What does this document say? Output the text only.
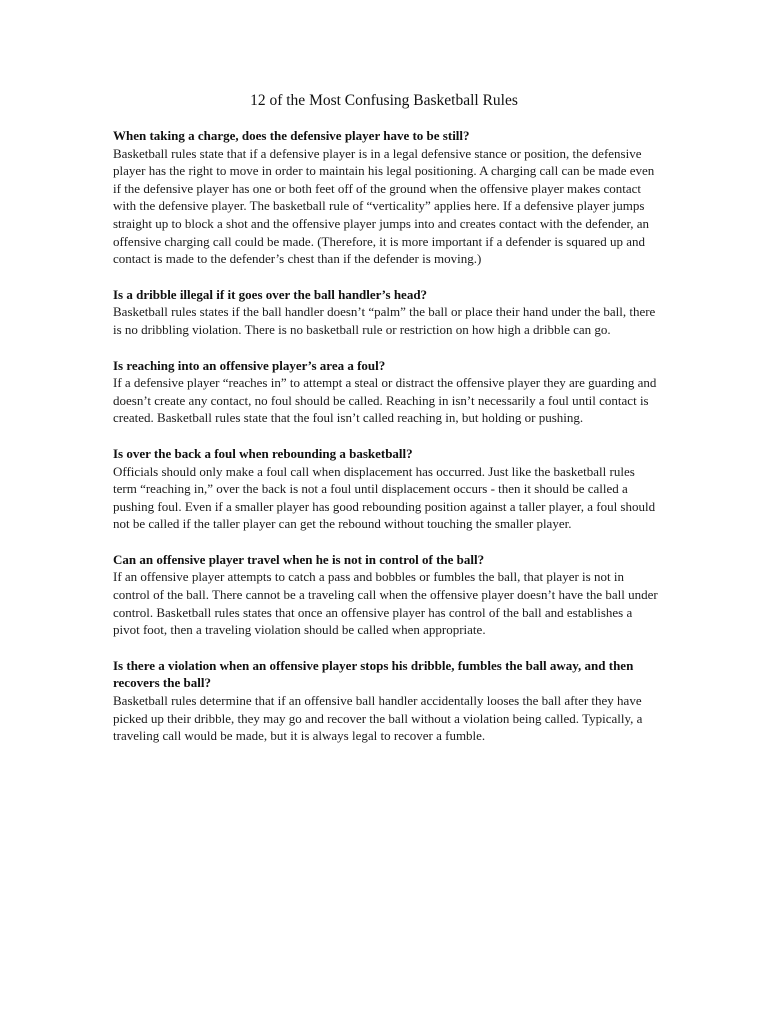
12 of the Most Confusing Basketball Rules

When taking a charge, does the defensive player have to be still?

Basketball rules state that if a defensive player is in a legal defensive stance or position, the defensive player has the right to move in order to maintain his legal positioning. A charging call can be made even if the defensive player has one or both feet off of the ground when the offensive player makes contact with the defensive player. The basketball rule of “verticality” applies here. If a defensive player jumps straight up to block a shot and the offensive player jumps into and creates contact with the defender, an offensive charging call could be made. (Therefore, it is more important if a defender is squared up and contact is made to the defender’s chest than if the defender is moving.)

Is a dribble illegal if it goes over the ball handler’s head?

Basketball rules states if the ball handler doesn’t “palm” the ball or place their hand under the ball, there is no dribbling violation. There is no basketball rule or restriction on how high a dribble can go.

Is reaching into an offensive player’s area a foul?

If a defensive player “reaches in” to attempt a steal or distract the offensive player they are guarding and doesn’t create any contact, no foul should be called. Reaching in isn’t necessarily a foul until contact is created. Basketball rules state that the foul isn’t called reaching in, but holding or pushing.

Is over the back a foul when rebounding a basketball?

Officials should only make a foul call when displacement has occurred. Just like the basketball rules term “reaching in,” over the back is not a foul until displacement occurs - then it should be called a pushing foul. Even if a smaller player has good rebounding position against a taller player, a foul should not be called if the taller player can get the rebound without touching the smaller player.

Can an offensive player travel when he is not in control of the ball?

If an offensive player attempts to catch a pass and bobbles or fumbles the ball, that player is not in control of the ball. There cannot be a traveling call when the offensive player doesn’t have the ball under control. Basketball rules states that once an offensive player has control of the ball and establishes a pivot foot, then a traveling violation should be called when appropriate.

Is there a violation when an offensive player stops his dribble, fumbles the ball away, and then recovers the ball?

Basketball rules determine that if an offensive ball handler accidentally looses the ball after they have picked up their dribble, they may go and recover the ball without a violation being called. Typically, a traveling call would be made, but it is always legal to recover a fumble.
